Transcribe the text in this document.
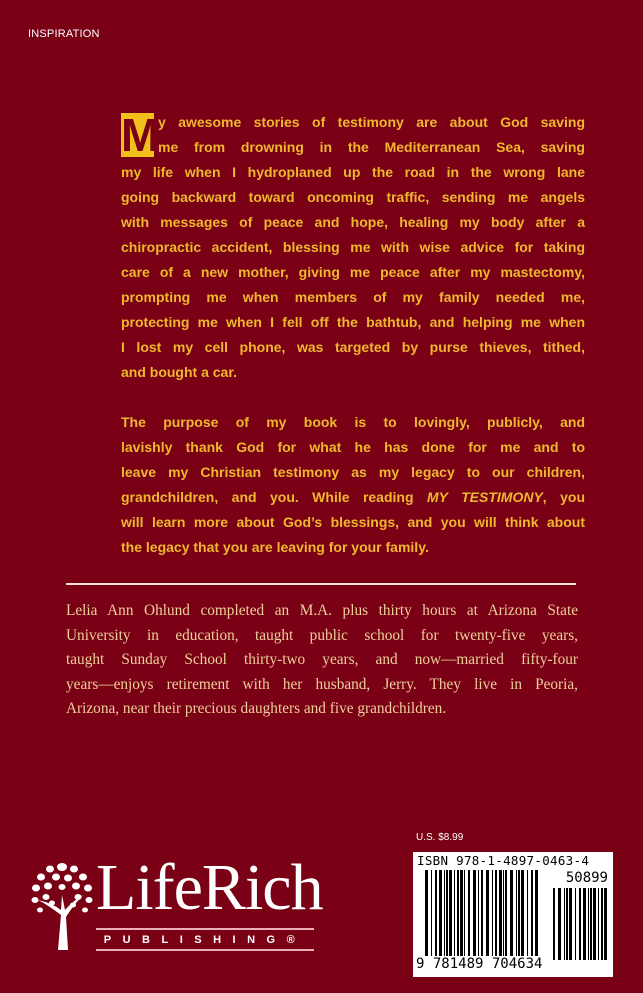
INSPIRATION
M
y awesome stories of testimony are about God saving
me from drowning in the Mediterranean Sea, saving
my life when I hydroplaned up the road in the wrong lane
going backward toward oncoming traffic, sending me angels
with messages of peace and hope, healing my body after a
chiropractic accident, blessing me with wise advice for taking
care of a new mother, giving me peace after my mastectomy,
prompting me when members of my family needed me,
protecting me when I fell off the bathtub, and helping me when
I lost my cell phone, was targeted by purse thieves, tithed,
and bought a car.
The purpose of my book is to lovingly, publicly, and
lavishly thank God for what he has done for me and to
leave my Christian testimony as my legacy to our children,
grandchildren, and you. While reading MY TESTIMONY, you
will learn more about God’s blessings, and you will think about
the legacy that you are leaving for your family.
Lelia Ann Ohlund completed an M.A. plus thirty hours at Arizona State
University in education, taught public school for twenty-five years,
taught Sunday School thirty-two years, and now—married fifty-four
years—enjoys retirement with her husband, Jerry. They live in Peoria,
Arizona, near their precious daughters and five grandchildren.
LifeRich
PUBLISHING®
U.S. $8.99
ISBN 978-1-4897-0463-4
50899
9 781489 704634
